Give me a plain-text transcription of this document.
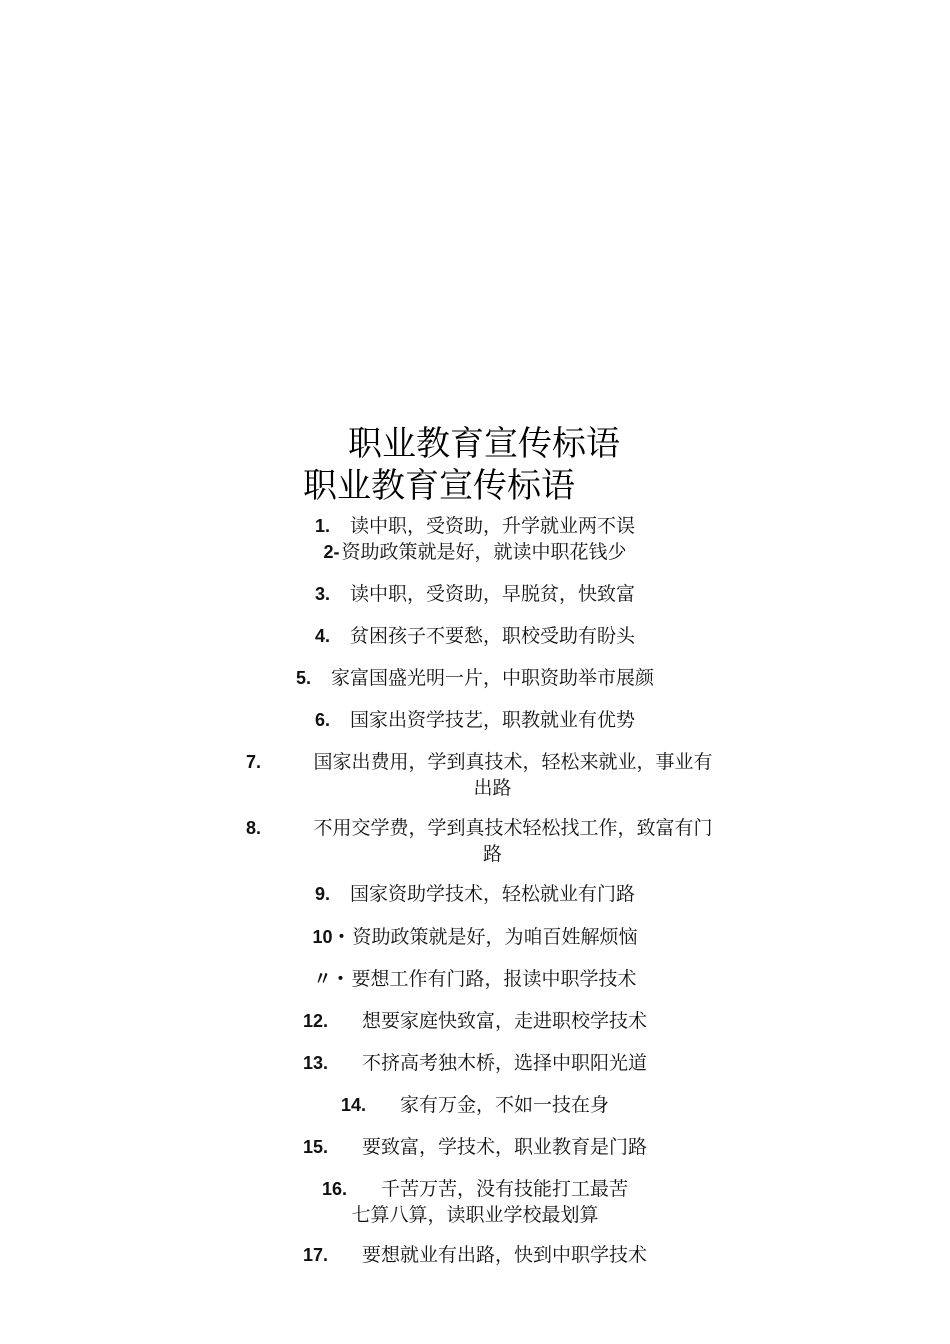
职业教育宣传标语
职业教育宣传标语
1. 读中职，受资助，升学就业两不误
2- 资助政策就是好，就读中职花钱少
3. 读中职，受资助，早脱贫，快致富
4. 贫困孩子不要愁，职校受助有盼头
5. 家富国盛光明一片，中职资助举市展颜
6. 国家出资学技艺，职教就业有优势
7.	国家出费用，学到真技术，轻松来就业，事业有
出路
8.	不用交学费，学到真技术轻松找工作，致富有门
路
9. 国家资助学技术，轻松就业有门路
10・ 资助政策就是好，为咱百姓解烦恼
〃・ 要想工作有门路，报读中职学技术
12. 想要家庭快致富，走进职校学技术
13. 不挤高考独木桥，选择中职阳光道
14. 家有万金，不如一技在身
15. 要致富，学技术，职业教育是门路
16. 千苦万苦，没有技能打工最苦
七算八算，读职业学校最划算
17. 要想就业有出路，快到中职学技术
